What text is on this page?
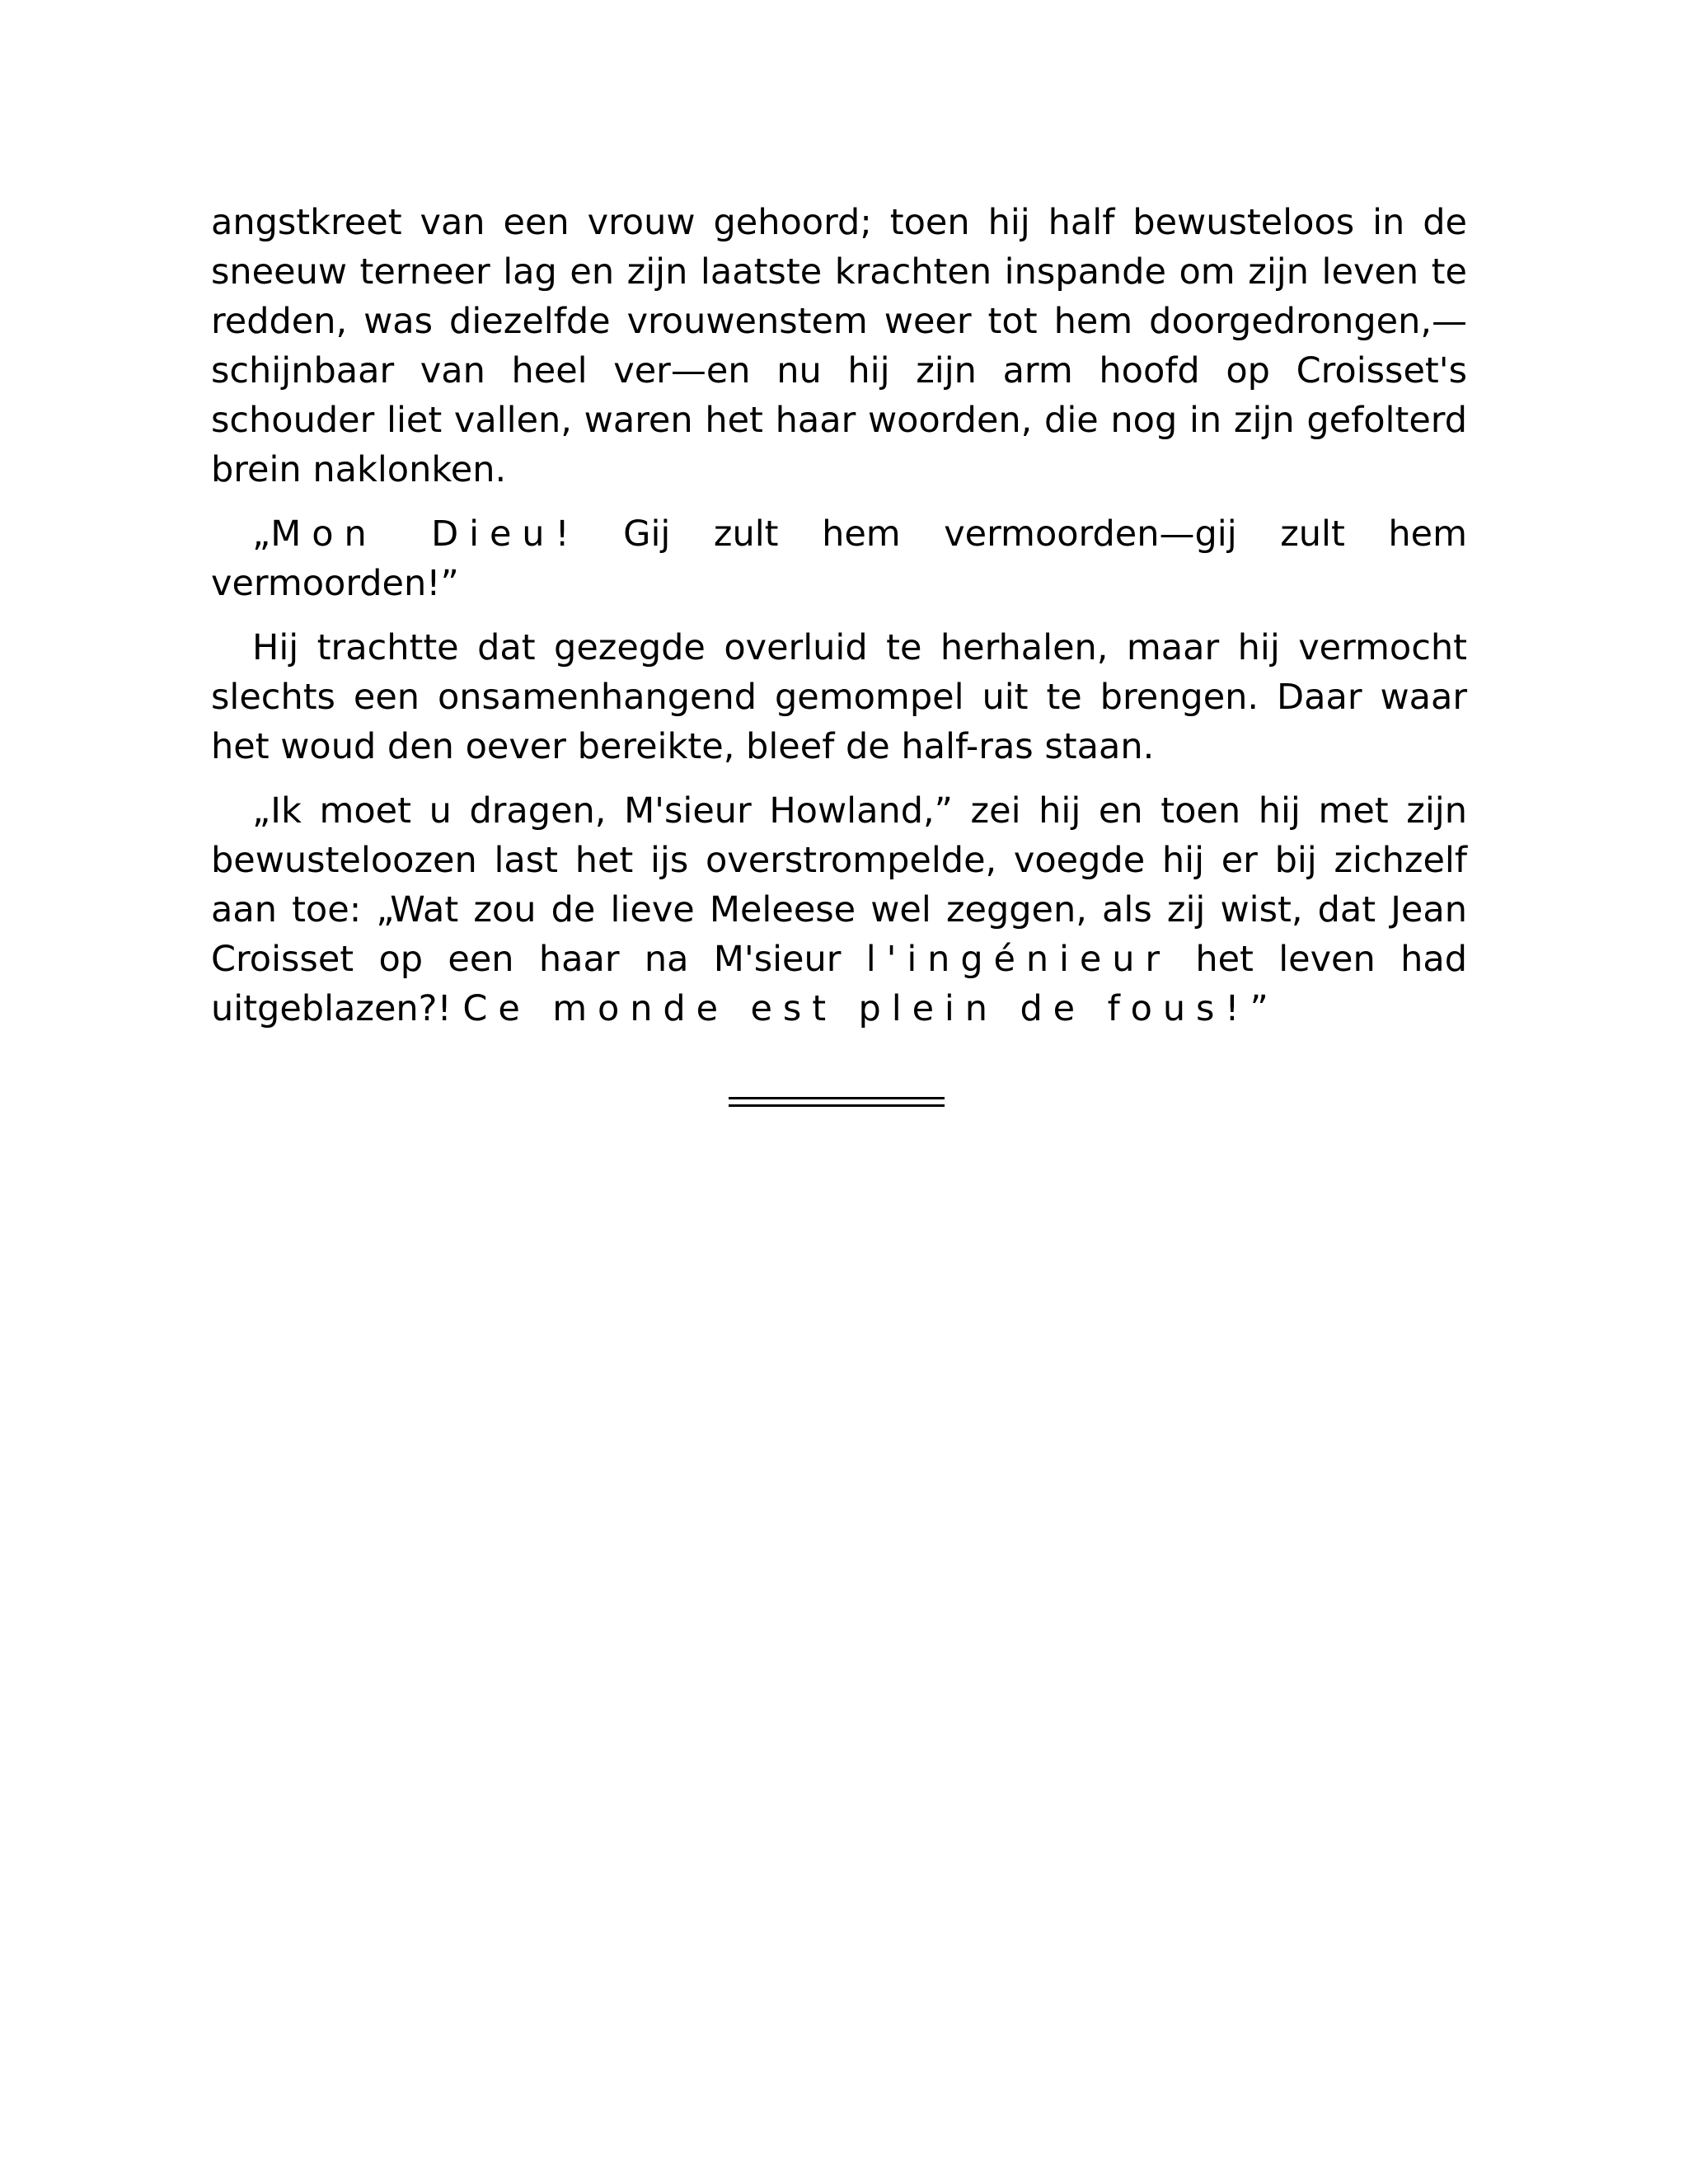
angstkreet van een vrouw gehoord; toen hij half bewusteloos in de sneeuw terneer lag en zijn laatste krachten inspande om zijn leven te redden, was diezelfde vrouwenstem weer tot hem doorgedrongen,—schijnbaar van heel ver—en nu hij zijn arm hoofd op Croisset's schouder liet vallen, waren het haar woorden, die nog in zijn gefolterd brein naklonken.

„Mon Dieu! Gij zult hem vermoorden—gij zult hem vermoorden!”

Hij trachtte dat gezegde overluid te herhalen, maar hij vermocht slechts een onsamenhangend gemompel uit te brengen. Daar waar het woud den oever bereikte, bleef de half-ras staan.

„Ik moet u dragen, M'sieur Howland,” zei hij en toen hij met zijn bewusteloozen last het ijs overstrompelde, voegde hij er bij zichzelf aan toe: „Wat zou de lieve Meleese wel zeggen, als zij wist, dat Jean Croisset op een haar na M'sieur l'ingénieur het leven had uitgeblazen?! Ce monde est plein de fous!”
